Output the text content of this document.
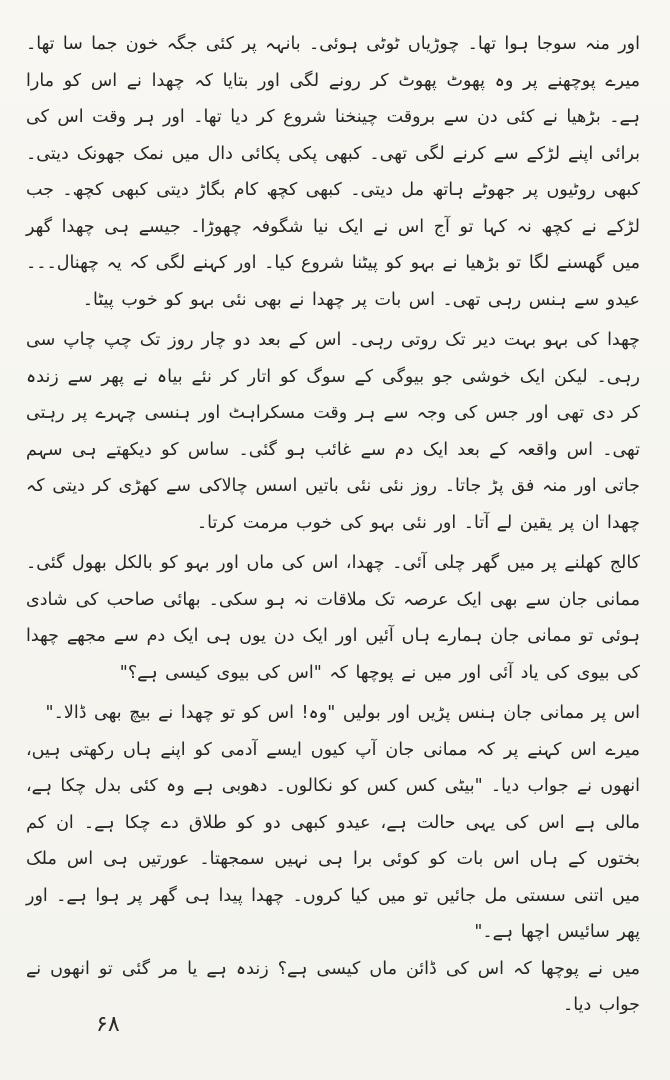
اور منہ سوجا ہوا تھا۔ چوڑیاں ٹوٹی ہوئی۔ بانہہ پر کئی جگہ خون جما سا تھا۔ میرے پوچھنے پر وہ پھوٹ پھوٹ کر رونے لگی اور بتایا کہ چھدا نے اس کو مارا ہے۔ بڑھیا نے کئی دن سے بروقت چینخنا شروع کر دیا تھا۔ اور ہر وقت اس کی برائی اپنے لڑکے سے کرنے لگی تھی۔ کبھی پکی پکائی دال میں نمک جھونک دیتی۔ کبھی روٹیوں پر جھوٹے ہاتھ مل دیتی۔ کبھی کچھ کام بگاڑ دیتی کبھی کچھ۔ جب لڑکے نے کچھ نہ کہا تو آج اس نے ایک نیا شگوفہ چھوڑا۔ جیسے ہی چھدا گھر میں گھسنے لگا تو بڑھیا نے بہو کو پیٹنا شروع کیا۔ اور کہنے لگی کہ یہ چھنال۔۔۔ عیدو سے ہنس رہی تھی۔ اس بات پر چھدا نے بھی نئی بہو کو خوب پیٹا۔

چھدا کی بہو بہت دیر تک روتی رہی۔ اس کے بعد دو چار روز تک چپ چاپ سی رہی۔ لیکن ایک خوشی جو بیوگی کے سوگ کو اتار کر نئے بیاہ نے پھر سے زندہ کر دی تھی اور جس کی وجہ سے ہر وقت مسکراہٹ اور ہنسی چہرے پر رہتی تھی۔ اس واقعہ کے بعد ایک دم سے غائب ہو گئی۔ ساس کو دیکھتے ہی سہم جاتی اور منہ فق پڑ جاتا۔ روز نئی نئی باتیں اسس چالاکی سے کھڑی کر دیتی کہ چھدا ان پر یقین لے آتا۔ اور نئی بہو کی خوب مرمت کرتا۔

کالج کھلنے پر میں گھر چلی آئی۔ چھدا، اس کی ماں اور بہو کو بالکل بھول گئی۔ ممانی جان سے بھی ایک عرصہ تک ملاقات نہ ہو سکی۔ بھائی صاحب کی شادی ہوئی تو ممانی جان ہمارے ہاں آئیں اور ایک دن یوں ہی ایک دم سے مجھے چھدا کی بیوی کی یاد آئی اور میں نے پوچھا کہ "اس کی بیوی کیسی ہے؟"

اس پر ممانی جان ہنس پڑیں اور بولیں "وہ! اس کو تو چھدا نے بیچ بھی ڈالا۔"

میرے اس کہنے پر کہ ممانی جان آپ کیوں ایسے آدمی کو اپنے ہاں رکھتی ہیں، انھوں نے جواب دیا۔ "بیٹی کس کس کو نکالوں۔ دھوبی ہے وہ کئی بدل چکا ہے، مالی ہے اس کی یہی حالت ہے، عیدو کبھی دو کو طلاق دے چکا ہے۔ ان کم بختوں کے ہاں اس بات کو کوئی برا ہی نہیں سمجھتا۔ عورتیں ہی اس ملک میں اتنی سستی مل جائیں تو میں کیا کروں۔ چھدا پیدا ہی گھر پر ہوا ہے۔ اور پھر سائیس اچھا ہے۔"

میں نے پوچھا کہ اس کی ڈائن ماں کیسی ہے؟ زندہ ہے یا مر گئی تو انھوں نے جواب دیا۔

۶۸
